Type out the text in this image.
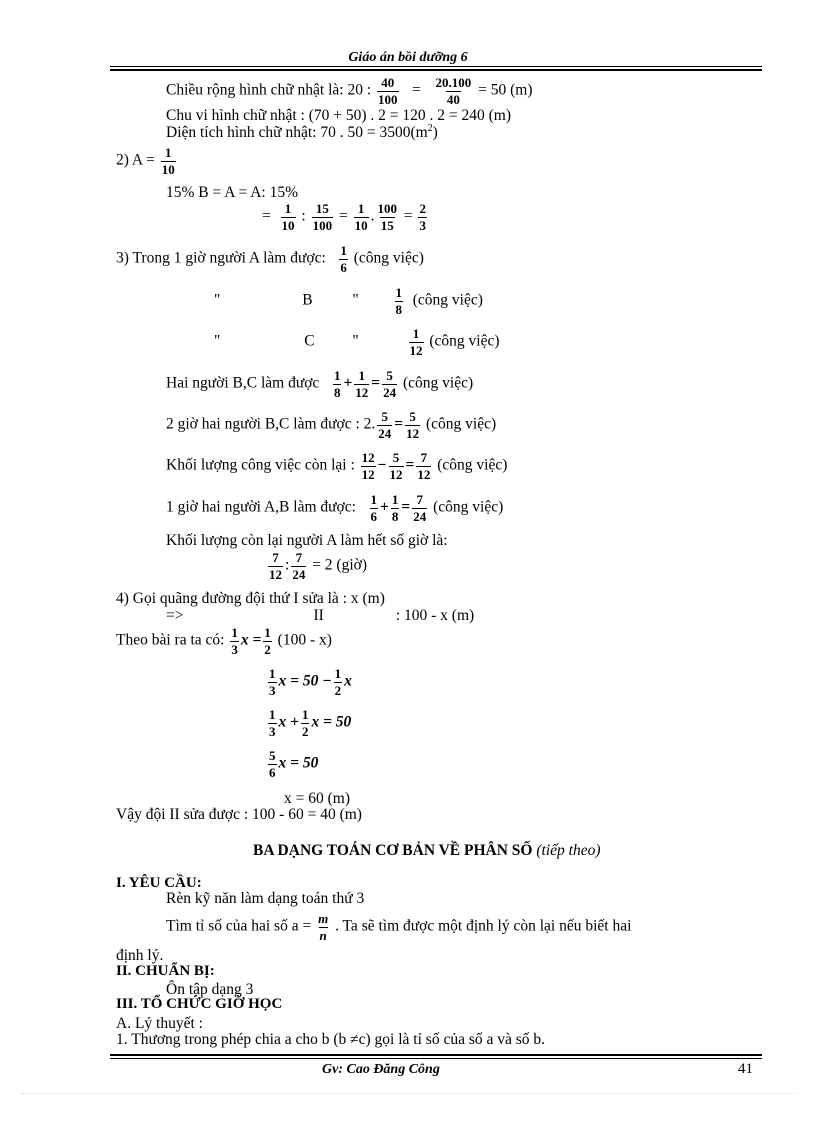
Giáo án bồi dưỡng 6
Chiều rộng hình chữ nhật là: 20 : $\frac{40}{100} = \frac{20.100}{40} = 50$ (m)
Chu vi hình chữ nhật : (70 + 50) . 2 = 120 . 2 = 240 (m)
Diện tích hình chữ nhật: 70 . $50 = 3500(m^2)$
2) $A = \frac{1}{10}$
15% B = A = A: 15%
= $\frac{1}{10}$ : $\frac{15}{100} = \frac{1}{10}$ . $\frac{100}{15} = \frac{2}{3}$
3) Trong 1 giờ người A làm được: $\frac{1}{6}$ (công việc)
"	B	"	$\frac{1}{8}$ (công việc)
"	C "	$\frac{1}{12}$ (công việc)
Hai người B,C làm được $\frac{1}{8} + \frac{1}{12} = \frac{5}{24}$ (công việc)
2 giờ hai người B,C làm được : 2. $\frac{5}{24} = \frac{5}{12}$ (công việc)
Khối lượng công việc còn lại : $\frac{12}{12} - \frac{5}{12} = \frac{7}{12}$ (công việc)
1 giờ hai người A,B làm được: $\frac{1}{6} + \frac{1}{8} = \frac{7}{24}$ (công việc)
Khối lượng còn lại người A làm hết số giờ là:
$\frac{7}{12}$ : $\frac{7}{24} = 2$ (giờ)
4) Gọi quãng đường đội thứ I sửa là : x (m)
=>	II	: 100 - x (m)
Theo bài ra ta có: $\frac{1}{3}$ $x = \frac{1}{2} (100 - x)$
$\frac{1}{3}$ $x = 50 - \frac{1}{2}$ x
$\frac{1}{3}$ $x + \frac{1}{2}$ x = 50
$\frac{5}{6}$ x = 50
x = 60 (m)
Vậy đội II sửa được : 100 - 60 = 40 (m)
BA DẠNG TOÁN CƠ BẢN VỀ PHÂN SỐ (tiếp theo)
I. YÊU CẦU:
Rèn kỹ năn làm dạng toán thứ 3
Tìm tỉ số của hai số $a = \frac{m}{n}$ . Ta sẽ tìm được một định lý còn lại nếu biết hai
định lý.
II. CHUẨN BỊ:
Ôn tập dạng 3
III. TỔ CHỨC GIỜ HỌC
A. Lý thuyết :
1. Thương trong phép chia a cho b (b ≠c) gọi là tỉ số của số a và số b.
Gv: Cao Đăng Công	41
